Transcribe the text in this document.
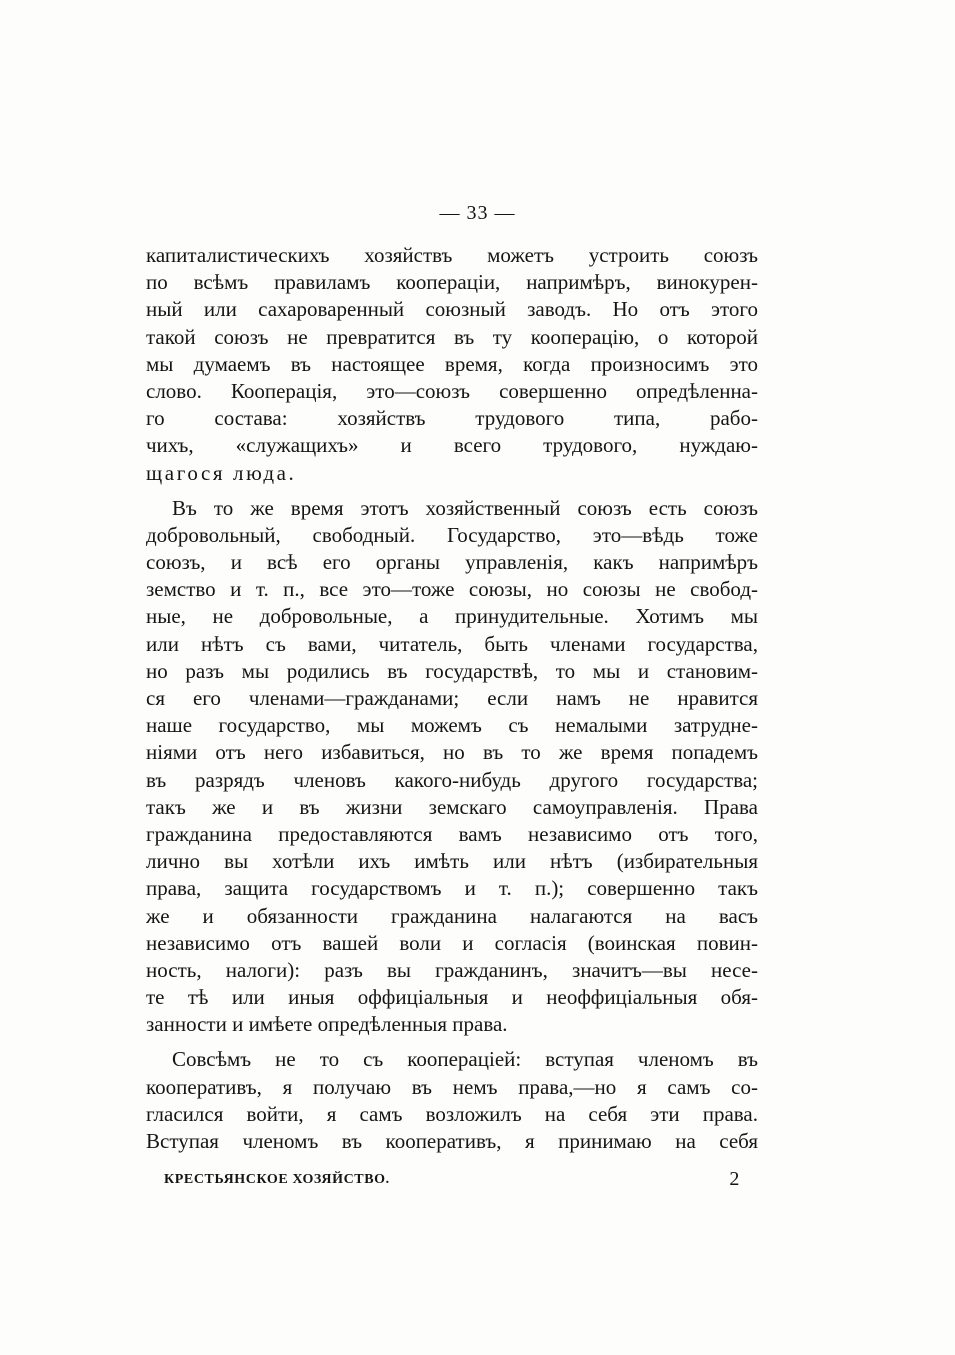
— 33 —
капиталистическихъ хозяйствъ можетъ устроить союзъ
по всѣмъ правиламъ коопераціи, напримѣръ, винокурен-
ный или сахароваренный союзный заводъ. Но отъ этого
такой союзъ не превратится въ ту кооперацію, о которой
мы думаемъ въ настоящее время, когда произносимъ это
слово. Кооперація, это—союзъ совершенно опредѣленна-
го состава: хозяйствъ трудового типа, рабо-
чихъ, «служащихъ» и всего трудового, нуждаю-
щагося люда.
Въ то же время этотъ хозяйственный союзъ есть союзъ
добровольный, свободный. Государство, это—вѣдь тоже
союзъ, и всѣ его органы управленія, какъ напримѣръ
земство и т. п., все это—тоже союзы, но союзы не свобод-
ные, не добровольные, а принудительные. Хотимъ мы
или нѣтъ съ вами, читатель, быть членами государства,
но разъ мы родились въ государствѣ, то мы и становим-
ся его членами—гражданами; если намъ не нравится
наше государство, мы можемъ съ немалыми затрудне-
ніями отъ него избавиться, но въ то же время попадемъ
въ разрядъ членовъ какого-нибудь другого государства;
такъ же и въ жизни земскаго самоуправленія. Права
гражданина предоставляются вамъ независимо отъ того,
лично вы хотѣли ихъ имѣть или нѣтъ (избирательныя
права, защита государствомъ и т. п.); совершенно такъ
же и обязанности гражданина налагаются на васъ
независимо отъ вашей воли и согласія (воинская повин-
ность, налоги): разъ вы гражданинъ, значитъ—вы несе-
те тѣ или иныя оффиціальныя и неоффиціальныя обя-
занности и имѣете опредѣленныя права.
Совсѣмъ не то съ коопераціей: вступая членомъ въ
кооперативъ, я получаю въ немъ права,—но я самъ со-
гласился войти, я самъ возложилъ на себя эти права.
Вступая членомъ въ кооперативъ, я принимаю на себя
КРЕСТЬЯНСКОЕ ХОЗЯЙСТВО.	2
